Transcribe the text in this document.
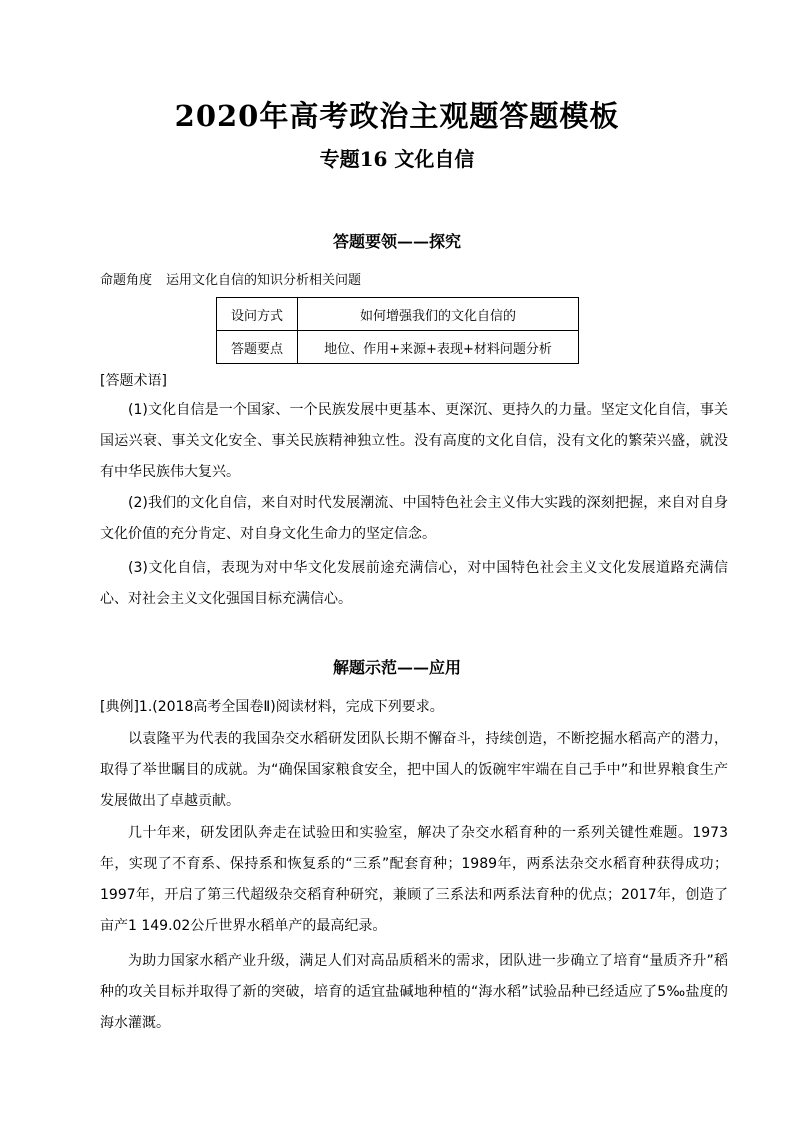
2020年高考政治主观题答题模板
专题16 文化自信
答题要领——探究
命题角度 运用文化自信的知识分析相关问题
设问方式	如何增强我们的文化自信的
答题要点	地位、作用+来源+表现+材料问题分析
[答题术语]
(1)文化自信是一个国家、一个民族发展中更基本、更深沉、更持久的力量。坚定文化自信，事关国运兴衰、事关文化安全、事关民族精神独立性。没有高度的文化自信，没有文化的繁荣兴盛，就没有中华民族伟大复兴。
(2)我们的文化自信，来自对时代发展潮流、中国特色社会主义伟大实践的深刻把握，来自对自身文化价值的充分肯定、对自身文化生命力的坚定信念。
(3)文化自信，表现为对中华文化发展前途充满信心，对中国特色社会主义文化发展道路充满信心、对社会主义文化强国目标充满信心。
解题示范——应用
[典例]1.(2018高考全国卷Ⅱ)阅读材料，完成下列要求。
以袁隆平为代表的我国杂交水稻研发团队长期不懈奋斗，持续创造，不断挖掘水稻高产的潜力，取得了举世瞩目的成就。为“确保国家粮食安全，把中国人的饭碗牢牢端在自己手中”和世界粮食生产发展做出了卓越贡献。
几十年来，研发团队奔走在试验田和实验室，解决了杂交水稻育种的一系列关键性难题。1973年，实现了不育系、保持系和恢复系的“三系”配套育种；1989年，两系法杂交水稻育种获得成功；1997年，开启了第三代超级杂交稻育种研究，兼顾了三系法和两系法育种的优点；2017年，创造了亩产1 149.02公斤世界水稻单产的最高纪录。
为助力国家水稻产业升级，满足人们对高品质稻米的需求，团队进一步确立了培育“量质齐升”稻种的攻关目标并取得了新的突破，培育的适宜盐碱地种植的“海水稻”试验品种已经适应了5‰盐度的海水灌溉。
